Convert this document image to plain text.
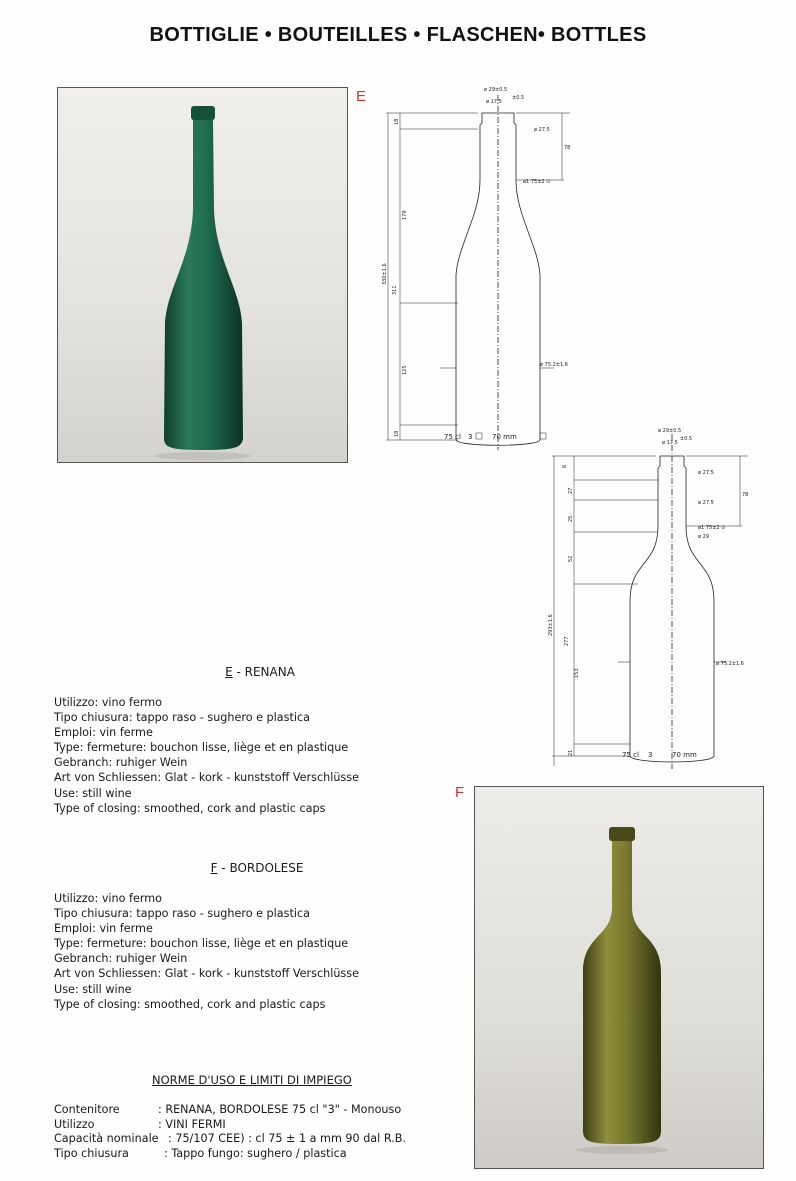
BOTTIGLIE • BOUTEILLES • FLASCHEN• BOTTLES
E	ø 29±0.5
ø 17.5
±0.5
ø 27.5
78
ø1 75±2 ⊙
18
179
311
330±1.6
125
ø 75.2±1.6
18	75 cl 3	70 mm
ø 29±0.5
ø 17.5
±0.5
ø 27.5
ø 27.5
78
ø1 75±2 ⊙
ø 29
6
27
25
52
277
293±1.6
153
ø 75.2±1.6
21	75 cl 3	70 mm
E - RENANA
Utilizzo: vino fermo
Tipo chiusura: tappo raso - sughero e plastica
Emploi: vin ferme
Type: fermeture: bouchon lisse, liège et en plastique
Gebranch: ruhiger Wein
Art von Schliessen: Glat - kork - kunststoff Verschlüsse
Use: still wine
Type of closing: smoothed, cork and plastic caps
F - BORDOLESE
Utilizzo: vino fermo
Tipo chiusura: tappo raso - sughero e plastica
Emploi: vin ferme
Type: fermeture: bouchon lisse, liège et en plastique
Gebranch: ruhiger Wein
Art von Schliessen: Glat - kork - kunststoff Verschlüsse
Use: still wine
Type of closing: smoothed, cork and plastic caps
NORME D'USO E LIMITI DI IMPIEGO
Contenitore	: RENANA, BORDOLESE 75 cl "3" - Monouso
Utilizzo	: VINI FERMI
Capacità nominale : 75/107 CEE) : cl 75 ± 1 a mm 90 dal R.B.
Tipo chiusura	: Tappo fungo: sughero / plastica
F
